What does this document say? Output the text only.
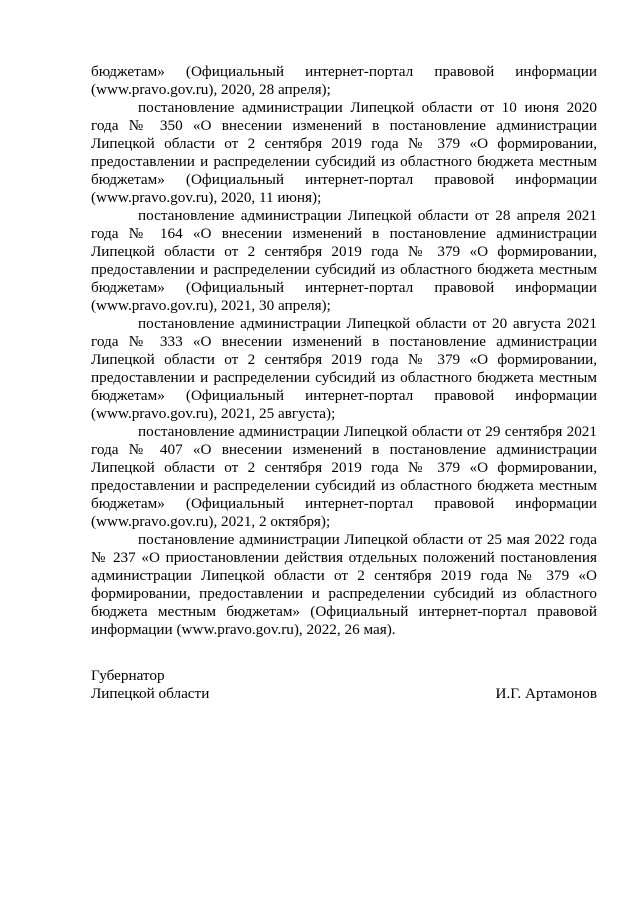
бюджетам» (Официальный интернет-портал правовой информации (www.pravo.gov.ru), 2020, 28 апреля);

постановление администрации Липецкой области от 10 июня 2020 года № 350 «О внесении изменений в постановление администрации Липецкой области от 2 сентября 2019 года № 379 «О формировании, предоставлении и распределении субсидий из областного бюджета местным бюджетам» (Официальный интернет-портал правовой информации (www.pravo.gov.ru), 2020, 11 июня);

постановление администрации Липецкой области от 28 апреля 2021 года № 164 «О внесении изменений в постановление администрации Липецкой области от 2 сентября 2019 года № 379 «О формировании, предоставлении и распределении субсидий из областного бюджета местным бюджетам» (Официальный интернет-портал правовой информации (www.pravo.gov.ru), 2021, 30 апреля);

постановление администрации Липецкой области от 20 августа 2021 года № 333 «О внесении изменений в постановление администрации Липецкой области от 2 сентября 2019 года № 379 «О формировании, предоставлении и распределении субсидий из областного бюджета местным бюджетам» (Официальный интернет-портал правовой информации (www.pravo.gov.ru), 2021, 25 августа);

постановление администрации Липецкой области от 29 сентября 2021 года № 407 «О внесении изменений в постановление администрации Липецкой области от 2 сентября 2019 года № 379 «О формировании, предоставлении и распределении субсидий из областного бюджета местным бюджетам» (Официальный интернет-портал правовой информации (www.pravo.gov.ru), 2021, 2 октября);

постановление администрации Липецкой области от 25 мая 2022 года № 237 «О приостановлении действия отдельных положений постановления администрации Липецкой области от 2 сентября 2019 года № 379 «О формировании, предоставлении и распределении субсидий из областного бюджета местным бюджетам» (Официальный интернет-портал правовой информации (www.pravo.gov.ru), 2022, 26 мая).

Губернатор
Липецкой области	И.Г. Артамонов
